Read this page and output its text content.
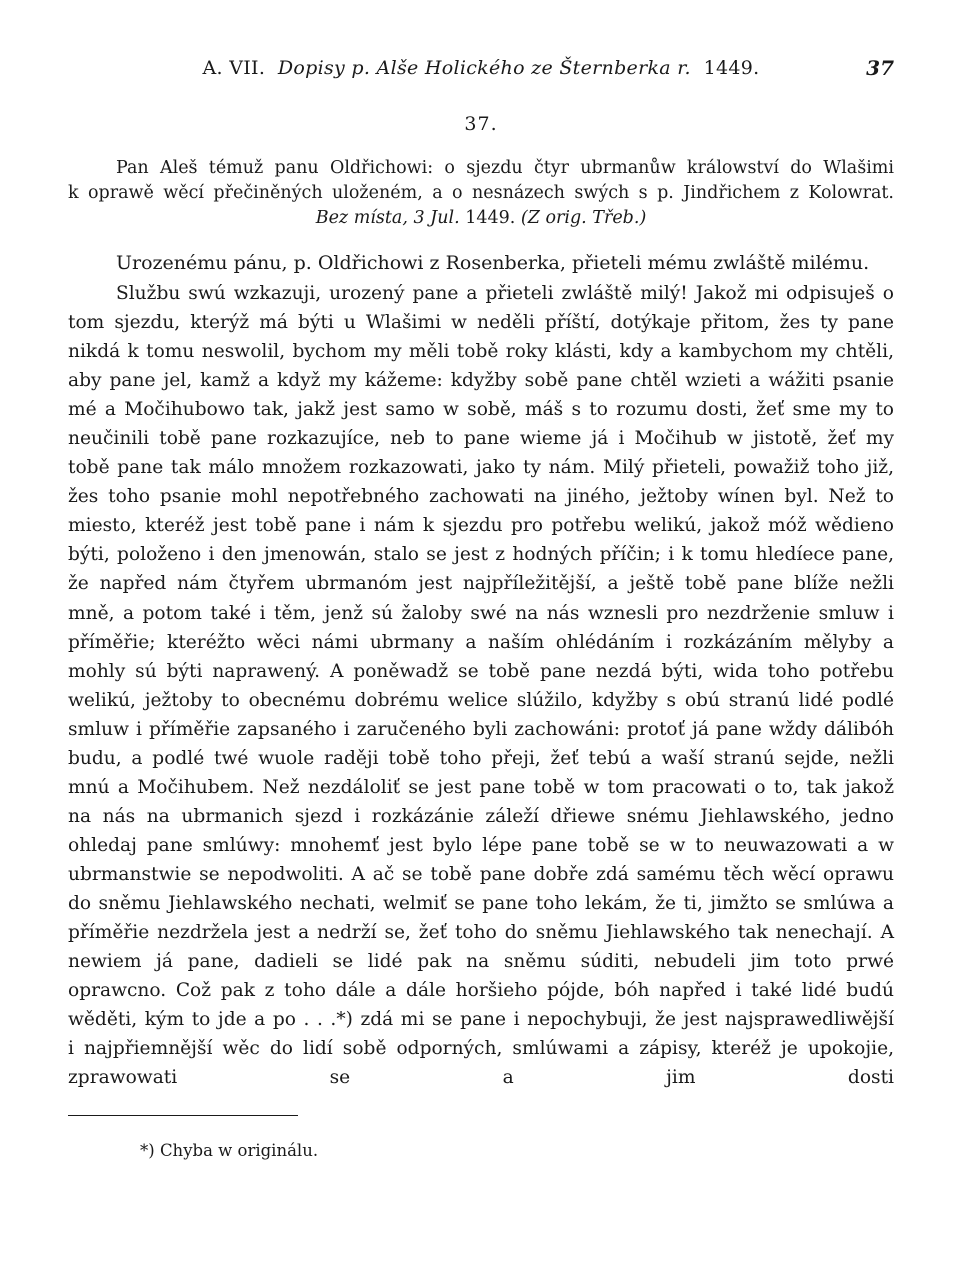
A. VII. Dopisy p. Alše Holického ze Šternberka r. 1449.	37
37.
Pan Aleš témuž panu Oldřichowi: o sjezdu čtyr ubrmanůw králowství do Wlašimi
k oprawě wěcí přečiněných uloženém, a o nesnázech swých s p. Jindřichem z Kolowrat.
Bez místa, 3 Jul. 1449. (Z orig. Třeb.)
Urozenému pánu, p. Oldřichowi z Rosenberka, přieteli mému zwláště milému.
Službu swú wzkazuji, urozený pane a přieteli zwláště milý! Jakož mi odpisuješ o tom sjezdu, kterýž má býti u Wlašimi w neděli příští, dotýkaje přitom, žes ty pane nikdá k tomu neswolil, bychom my měli tobě roky klásti, kdy a kambychom my chtěli, aby pane jel, kamž a když my kážeme: kdyžby sobě pane chtěl wzieti a wážiti psanie mé a Močihubowo tak, jakž jest samo w sobě, máš s to rozumu dosti, žeť sme my to neučinili tobě pane rozkazujíce, neb to pane wieme já i Močihub w jistotě, žeť my tobě pane tak málo množem rozkazowati, jako ty nám. Milý přieteli, powažiž toho již, žes toho psanie mohl nepotřebného zachowati na jiného, ježtoby wínen byl. Než to miesto, kteréž jest tobě pane i nám k sjezdu pro potřebu welikú, jakož móž wědieno býti, položeno i den jmenowán, stalo se jest z hodných příčin; i k tomu hledíece pane, že napřed nám čtyřem ubrmanóm jest najpříležitější, a ještě tobě pane blíže nežli mně, a potom také i těm, jenž sú žaloby swé na nás wznesli pro nezdrženie smluw i příměřie; kteréžto wěci námi ubrmany a naším ohlédáním i rozkázáním mělyby a mohly sú býti naprawený. A poněwadž se tobě pane nezdá býti, wida toho potřebu welikú, ježtoby to obecnému dobrému welice slúžilo, kdyžby s obú stranú lidé podlé smluw i příměřie zapsaného i zaručeného byli zachowáni: protoť já pane wždy dálibóh budu, a podlé twé wuole raději tobě toho přeji, žeť tebú a waší stranú sejde, nežli mnú a Močihubem. Než nezdáloliť se jest pane tobě w tom pracowati o to, tak jakož na nás na ubrmanich sjezd i rozkázánie záleží dřiewe snému Jiehlawského, jedno ohledaj pane smlúwy: mnohemť jest bylo lépe pane tobě se w to neuwazowati a w ubrmanstwie se nepodwoliti. A ač se tobě pane dobře zdá samému těch wěcí oprawu do sněmu Jiehlawského nechati, welmiť se pane toho lekám, že ti, jimžto se smlúwa a příměřie nezdržela jest a nedrží se, žeť toho do sněmu Jiehlawského tak nenechají. A newiem já pane, dadieli se lidé pak na sněmu súditi, nebudeli jim toto prwé oprawcno. Což pak z toho dále a dále horšieho pójde, bóh napřed i také lidé budú wěděti, kým to jde a po . . .*) zdá mi se pane i nepochybuji, že jest najsprawedliwější i najpřiemnější wěc do lidí sobě odporných, smlúwami a zápisy, kteréž je upokojie, zprawowati se a jim dosti
*) Chyba w originálu.
